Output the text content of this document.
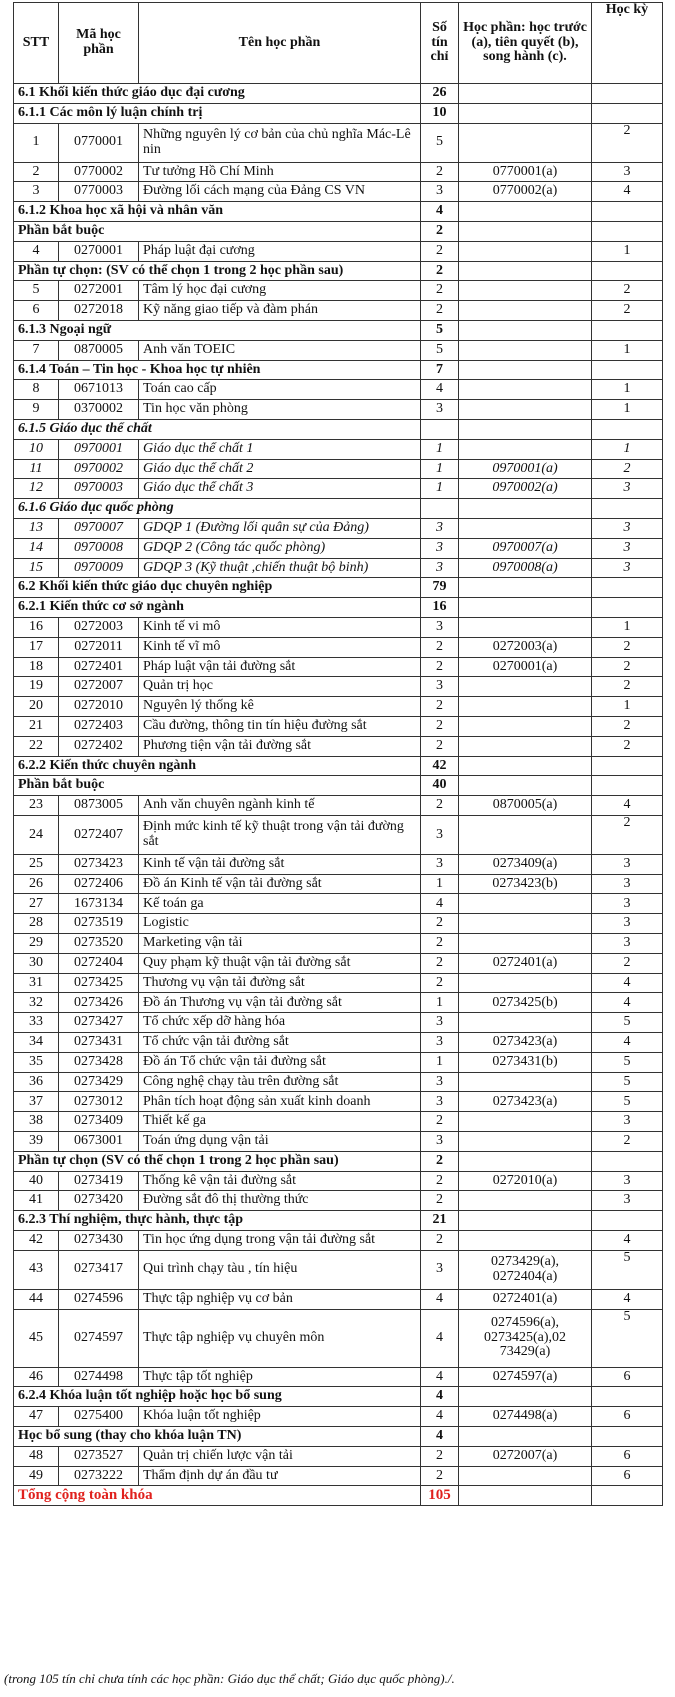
STT	Mã học phần	Tên học phần	Số tín chỉ	Học phần: học trước (a), tiên quyết (b), song hành (c).	Học kỳ
6.1 Khối kiến thức giáo dục đại cương			26		
6.1.1 Các môn lý luận chính trị			10		
1	0770001	Những nguyên lý cơ bản của chủ nghĩa Mác-Lê nin	5		2
2	0770002	Tư tưởng Hồ Chí Minh	2	0770001(a)	3
3	0770003	Đường lối cách mạng của Đảng CS VN	3	0770002(a)	4
6.1.2 Khoa học xã hội và nhân văn			4		
Phần bắt buộc			2		
4	0270001	Pháp luật đại cương	2		1
Phần tự chọn: (SV có thể chọn 1 trong 2 học phần sau)			2		
5	0272001	Tâm lý học đại cương	2		2
6	0272018	Kỹ năng giao tiếp và đàm phán	2		2
6.1.3 Ngoại ngữ			5		
7	0870005	Anh văn TOEIC	5		1
6.1.4 Toán – Tin học - Khoa học tự nhiên			7		
8	0671013	Toán cao cấp	4		1
9	0370002	Tin học văn phòng	3		1
6.1.5 Giáo dục thể chất					
10	0970001	Giáo dục thể chất 1	1		1
11	0970002	Giáo dục thể chất 2	1	0970001(a)	2
12	0970003	Giáo dục thể chất 3	1	0970002(a)	3
6.1.6 Giáo dục quốc phòng					
13	0970007	GDQP 1 (Đường lối quân sự của Đảng)	3		3
14	0970008	GDQP 2 (Công tác quốc phòng)	3	0970007(a)	3
15	0970009	GDQP 3 (Kỹ thuật ,chiến thuật bộ binh)	3	0970008(a)	3
6.2 Khối kiến thức giáo dục chuyên nghiệp			79		
6.2.1 Kiến thức cơ sở ngành			16		
16	0272003	Kinh tế vi mô	3		1
17	0272011	Kinh tế vĩ mô	2	0272003(a)	2
18	0272401	Pháp luật vận tải đường sắt	2	0270001(a)	2
19	0272007	Quản trị học	3		2
20	0272010	Nguyên lý thống kê	2		1
21	0272403	Cầu đường, thông tin tín hiệu đường sắt	2		2
22	0272402	Phương tiện vận tải đường sắt	2		2
6.2.2 Kiến thức chuyên ngành			42		
Phần bắt buộc			40		
23	0873005	Anh văn chuyên ngành kinh tế	2	0870005(a)	4
24	0272407	Định mức kinh tế kỹ thuật trong vận tải đường sắt	3		2
25	0273423	Kinh tế vận tải đường sắt	3	0273409(a)	3
26	0272406	Đồ án Kinh tế vận tải đường sắt	1	0273423(b)	3
27	1673134	Kế toán ga	4		3
28	0273519	Logistic	2		3
29	0273520	Marketing vận tải	2		3
30	0272404	Quy phạm kỹ thuật vận tải đường sắt	2	0272401(a)	2
31	0273425	Thương vụ vận tải đường sắt	2		4
32	0273426	Đồ án Thương vụ vận tải đường sắt	1	0273425(b)	4
33	0273427	Tổ chức xếp dỡ hàng hóa	3		5
34	0273431	Tổ chức vận tải đường sắt	3	0273423(a)	4
35	0273428	Đồ án Tổ chức vận tải đường sắt	1	0273431(b)	5
36	0273429	Công nghệ chạy tàu trên đường sắt	3		5
37	0273012	Phân tích hoạt động sản xuất kinh doanh	3	0273423(a)	5
38	0273409	Thiết kế ga	2		3
39	0673001	Toán ứng dụng vận tải	3		2
Phần tự chọn (SV có thể chọn 1 trong 2 học phần sau)			2		
40	0273419	Thống kê vận tải đường sắt	2	0272010(a)	3
41	0273420	Đường sắt đô thị thường thức	2		3
6.2.3 Thí nghiệm, thực hành, thực tập			21		
42	0273430	Tin học ứng dụng trong vận tải đường sắt	2		4
43	0273417	Qui trình chạy tàu , tín hiệu	3	0273429(a), 0272404(a)	5
44	0274596	Thực tập nghiệp vụ cơ bản	4	0272401(a)	4
45	0274597	Thực tập nghiệp vụ chuyên môn	4	0274596(a), 0273425(a),02 73429(a)	5
46	0274498	Thực tập tốt nghiệp	4	0274597(a)	6
6.2.4 Khóa luận tốt nghiệp hoặc học bổ sung			4		
47	0275400	Khóa luận tốt nghiệp	4	0274498(a)	6
Học bổ sung (thay cho khóa luận TN)			4		
48	0273527	Quản trị chiến lược vận tải	2	0272007(a)	6
49	0273222	Thẩm định dự án đầu tư	2		6
Tổng cộng toàn khóa			105		
(trong 105 tín chỉ chưa tính các học phần: Giáo dục thể chất; Giáo dục quốc phòng)./.
